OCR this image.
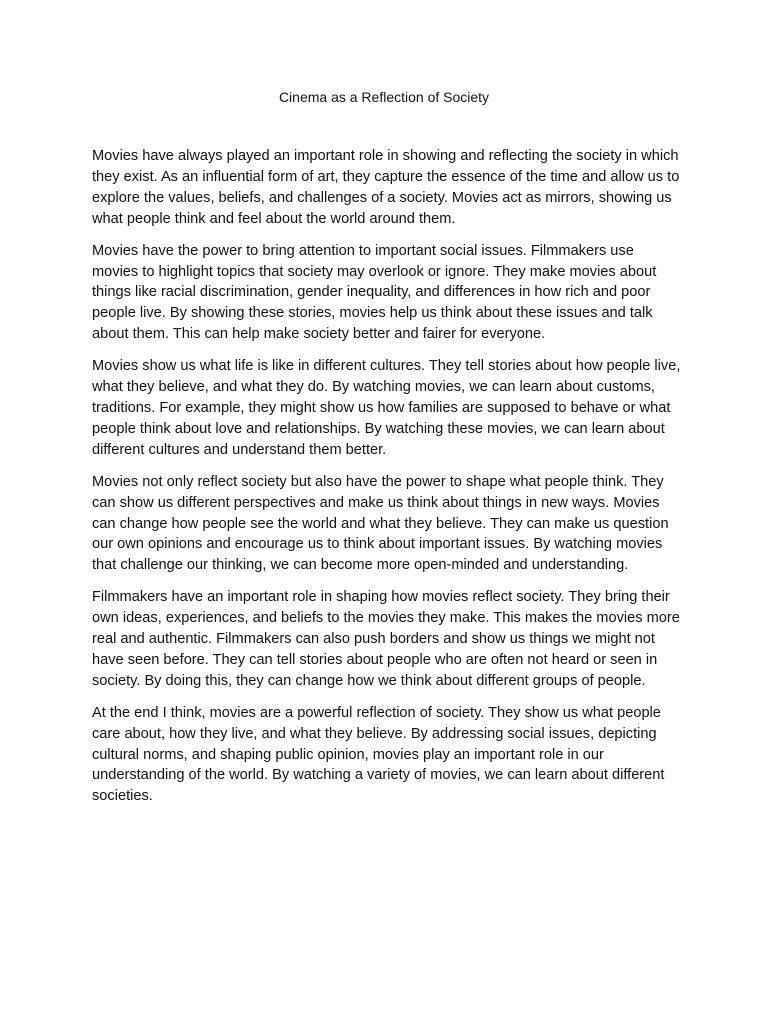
Cinema as a Reflection of Society

Movies have always played an important role in showing and reflecting the society in which they exist. As an influential form of art, they capture the essence of the time and allow us to explore the values, beliefs, and challenges of a society. Movies act as mirrors, showing us what people think and feel about the world around them.

Movies have the power to bring attention to important social issues. Filmmakers use movies to highlight topics that society may overlook or ignore. They make movies about things like racial discrimination, gender inequality, and differences in how rich and poor people live. By showing these stories, movies help us think about these issues and talk about them. This can help make society better and fairer for everyone.

Movies show us what life is like in different cultures. They tell stories about how people live, what they believe, and what they do. By watching movies, we can learn about customs, traditions. For example, they might show us how families are supposed to behave or what people think about love and relationships. By watching these movies, we can learn about different cultures and understand them better.

Movies not only reflect society but also have the power to shape what people think. They can show us different perspectives and make us think about things in new ways. Movies can change how people see the world and what they believe. They can make us question our own opinions and encourage us to think about important issues. By watching movies that challenge our thinking, we can become more open-minded and understanding.

Filmmakers have an important role in shaping how movies reflect society. They bring their own ideas, experiences, and beliefs to the movies they make. This makes the movies more real and authentic. Filmmakers can also push borders and show us things we might not have seen before. They can tell stories about people who are often not heard or seen in society. By doing this, they can change how we think about different groups of people.

At the end I think, movies are a powerful reflection of society. They show us what people care about, how they live, and what they believe. By addressing social issues, depicting cultural norms, and shaping public opinion, movies play an important role in our understanding of the world. By watching a variety of movies, we can learn about different societies.
